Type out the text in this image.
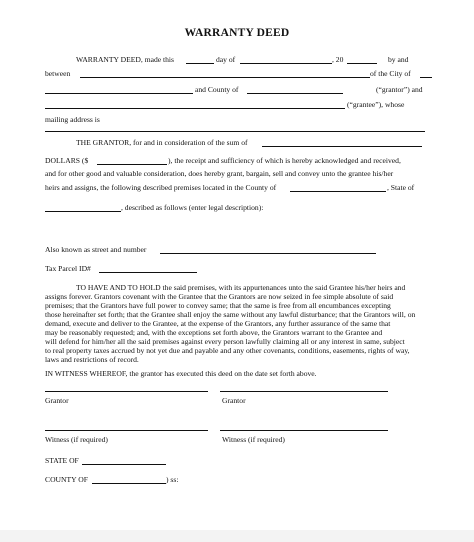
WARRANTY DEED
WARRANTY DEED, made this	day of	, 20	by and
between	of the City of
and County of	(“grantor”) and
(“grantee”), whose
mailing address is
THE GRANTOR, for and in consideration of the sum of
DOLLARS ($	), the receipt and sufficiency of which is hereby acknowledged and received,
and for other good and valuable consideration, does hereby grant, bargain, sell and convey unto the grantee his/her
heirs and assigns, the following described premises located in the County of	, State of
, described as follows (enter legal description):
Also known as street and number
Tax Parcel ID#
TO HAVE AND TO HOLD the said premises, with its appurtenances unto the said Grantee his/her heirs and
assigns forever. Grantors covenant with the Grantee that the Grantors are now seized in fee simple absolute of said
premises; that the Grantors have full power to convey same; that the same is free from all encumbances excepting
those hereinafter set forth; that the Grantee shall enjoy the same without any lawful disturbance; that the Grantors will, on
demand, execute and deliver to the Grantee, at the expense of the Grantors, any further assurance of the same that
may be reasonably requested; and, with the exceptions set forth above, the Grantors warrant to the Grantee and
will defend for him/her all the said premises against every person lawfully claiming all or any interest in same, subject
to real property taxes accrued by not yet due and payable and any other covenants, conditions, easements, rights of way,
laws and restrictions of record.
IN WITNESS WHEREOF, the grantor has executed this deed on the date set forth above.
Grantor	Grantor
Witness (if required)	Witness (if required)
STATE OF
COUNTY OF	) ss:
